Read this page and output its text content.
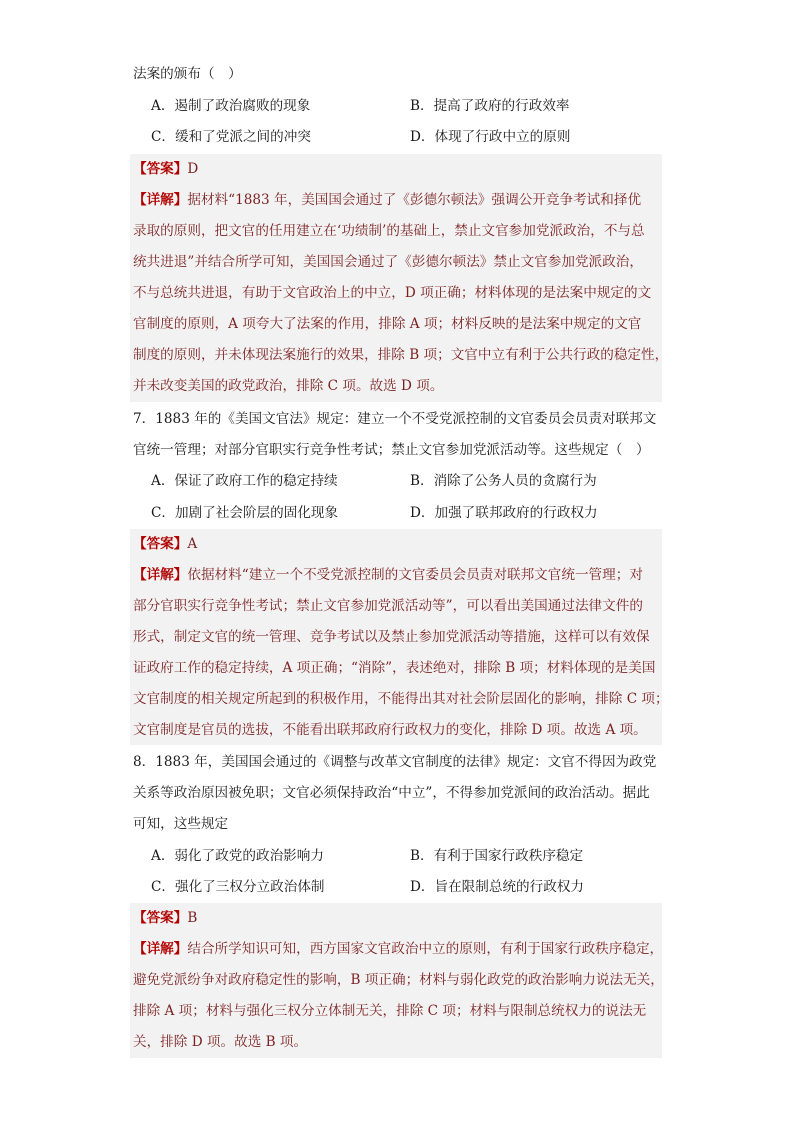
法案的颁布（　）
A．遏制了政治腐败的现象	B．提高了政府的行政效率
C．缓和了党派之间的冲突	D．体现了行政中立的原则
【答案】D
【详解】据材料“1883 年，美国国会通过了《彭德尔顿法》强调公开竞争考试和择优
录取的原则，把文官的任用建立在‘功绩制’的基础上，禁止文官参加党派政治，不与总
统共进退”并结合所学可知，美国国会通过了《彭德尔顿法》禁止文官参加党派政治，
不与总统共进退，有助于文官政治上的中立，D 项正确；材料体现的是法案中规定的文
官制度的原则，A 项夸大了法案的作用，排除 A 项；材料反映的是法案中规定的文官
制度的原则，并未体现法案施行的效果，排除 B 项；文官中立有利于公共行政的稳定性，
并未改变美国的政党政治，排除 C 项。故选 D 项。
7．1883 年的《美国文官法》规定：建立一个不受党派控制的文官委员会员责对联邦文
官统一管理；对部分官职实行竞争性考试；禁止文官参加党派活动等。这些规定（　）
A．保证了政府工作的稳定持续	B．消除了公务人员的贪腐行为
C．加剧了社会阶层的固化现象	D．加强了联邦政府的行政权力
【答案】A
【详解】依据材料“建立一个不受党派控制的文官委员会员责对联邦文官统一管理；对
部分官职实行竞争性考试；禁止文官参加党派活动等”，可以看出美国通过法律文件的
形式，制定文官的统一管理、竞争考试以及禁止参加党派活动等措施，这样可以有效保
证政府工作的稳定持续，A 项正确；“消除”，表述绝对，排除 B 项；材料体现的是美国
文官制度的相关规定所起到的积极作用，不能得出其对社会阶层固化的影响，排除 C 项；
文官制度是官员的选拔，不能看出联邦政府行政权力的变化，排除 D 项。故选 A 项。
8．1883 年，美国国会通过的《调整与改革文官制度的法律》规定：文官不得因为政党
关系等政治原因被免职；文官必须保持政治“中立”，不得参加党派间的政治活动。据此
可知，这些规定
A．弱化了政党的政治影响力	B．有利于国家行政秩序稳定
C．强化了三权分立政治体制	D．旨在限制总统的行政权力
【答案】B
【详解】结合所学知识可知，西方国家文官政治中立的原则，有利于国家行政秩序稳定，
避免党派纷争对政府稳定性的影响，B 项正确；材料与弱化政党的政治影响力说法无关，
排除 A 项；材料与强化三权分立体制无关，排除 C 项；材料与限制总统权力的说法无
关，排除 D 项。故选 B 项。
